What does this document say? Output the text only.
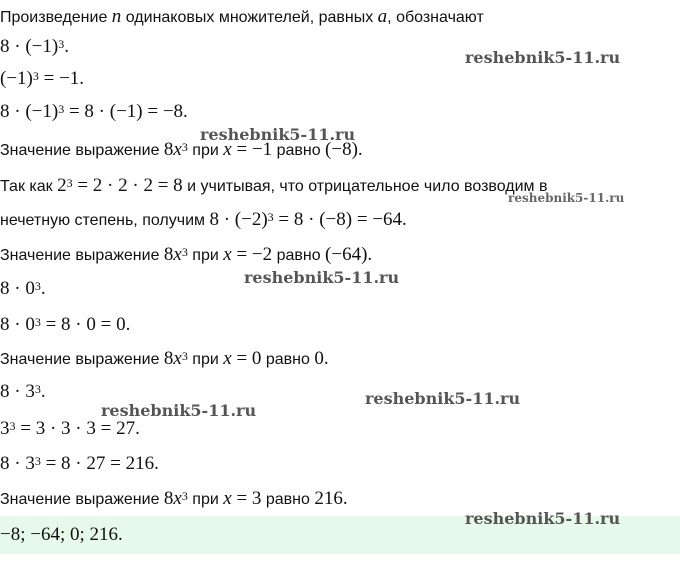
Произведение n одинаковых множителей, равных a, обозначают
$8 \cdot (-1)^3$.
$(-1)^3 = -1$.
$8 \cdot (-1)^3 = 8 \cdot (-1) = -8$.
Значение выражение $8x^3$ при x = −1 равно (−8).
Так как $2^3 = 2 \cdot 2 \cdot 2 = 8$ и учитывая, что отрицательное чило возводим в
нечетную степень, получим $8 \cdot (-2)^3 = 8 \cdot (-8) = -64$.
Значение выражение $8x^3$ при x = −2 равно (−64).
$8 \cdot 0^3$.
$8 \cdot 0^3 = 8 \cdot 0 = 0$.
Значение выражение $8x^3$ при x = 0 равно 0.
$8 \cdot 3^3$.
$3^3 = 3 \cdot 3 \cdot 3 = 27$.
$8 \cdot 3^3 = 8 \cdot 27 = 216$.
Значение выражение $8x^3$ при x = 3 равно 216.
−8; −64; 0; 216.
reshebnik5-11.ru
reshebnik5-11.ru
reshebnik5-11.ru
reshebnik5-11.ru
reshebnik5-11.ru
reshebnik5-11.ru
reshebnik5-11.ru
